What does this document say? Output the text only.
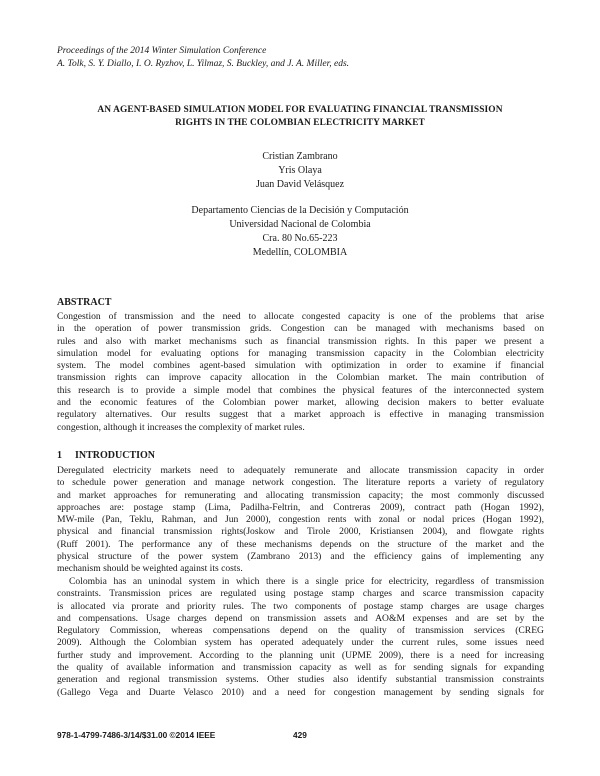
Proceedings of the 2014 Winter Simulation Conference
A. Tolk, S. Y. Diallo, I. O. Ryzhov, L. Yilmaz, S. Buckley, and J. A. Miller, eds.
AN AGENT-BASED SIMULATION MODEL FOR EVALUATING FINANCIAL TRANSMISSION
RIGHTS IN THE COLOMBIAN ELECTRICITY MARKET
Cristian Zambrano
Yris Olaya
Juan David Velásquez
Departamento Ciencias de la Decisión y Computación
Universidad Nacional de Colombia
Cra. 80 No.65-223
Medellín, COLOMBIA
ABSTRACT
Congestion of transmission and the need to allocate congested capacity is one of the problems that arise
in the operation of power transmission grids. Congestion can be managed with mechanisms based on
rules and also with market mechanisms such as financial transmission rights. In this paper we present a
simulation model for evaluating options for managing transmission capacity in the Colombian electricity
system. The model combines agent-based simulation with optimization in order to examine if financial
transmission rights can improve capacity allocation in the Colombian market. The main contribution of
this research is to provide a simple model that combines the physical features of the interconnected system
and the economic features of the Colombian power market, allowing decision makers to better evaluate
regulatory alternatives. Our results suggest that a market approach is effective in managing transmission
congestion, although it increases the complexity of market rules.
1 INTRODUCTION
Deregulated electricity markets need to adequately remunerate and allocate transmission capacity in order
to schedule power generation and manage network congestion. The literature reports a variety of regulatory
and market approaches for remunerating and allocating transmission capacity; the most commonly discussed
approaches are: postage stamp (Lima, Padilha-Feltrin, and Contreras 2009), contract path (Hogan 1992),
MW-mile (Pan, Teklu, Rahman, and Jun 2000), congestion rents with zonal or nodal prices (Hogan 1992),
physical and financial transmission rights(Joskow and Tirole 2000, Kristiansen 2004), and flowgate rights
(Ruff 2001). The performance any of these mechanisms depends on the structure of the market and the
physical structure of the power system (Zambrano 2013) and the efficiency gains of implementing any
mechanism should be weighted against its costs.
Colombia has an uninodal system in which there is a single price for electricity, regardless of transmission
constraints. Transmission prices are regulated using postage stamp charges and scarce transmission capacity
is allocated via prorate and priority rules. The two components of postage stamp charges are usage charges
and compensations. Usage charges depend on transmission assets and AO&M expenses and are set by the
Regulatory Commission, whereas compensations depend on the quality of transmission services (CREG
2009). Although the Colombian system has operated adequately under the current rules, some issues need
further study and improvement. According to the planning unit (UPME 2009), there is a need for increasing
the quality of available information and transmission capacity as well as for sending signals for expanding
generation and regional transmission systems. Other studies also identify substantial transmission constraints
(Gallego Vega and Duarte Velasco 2010) and a need for congestion management by sending signals for
978-1-4799-7486-3/14/$31.00 ©2014 IEEE	429
